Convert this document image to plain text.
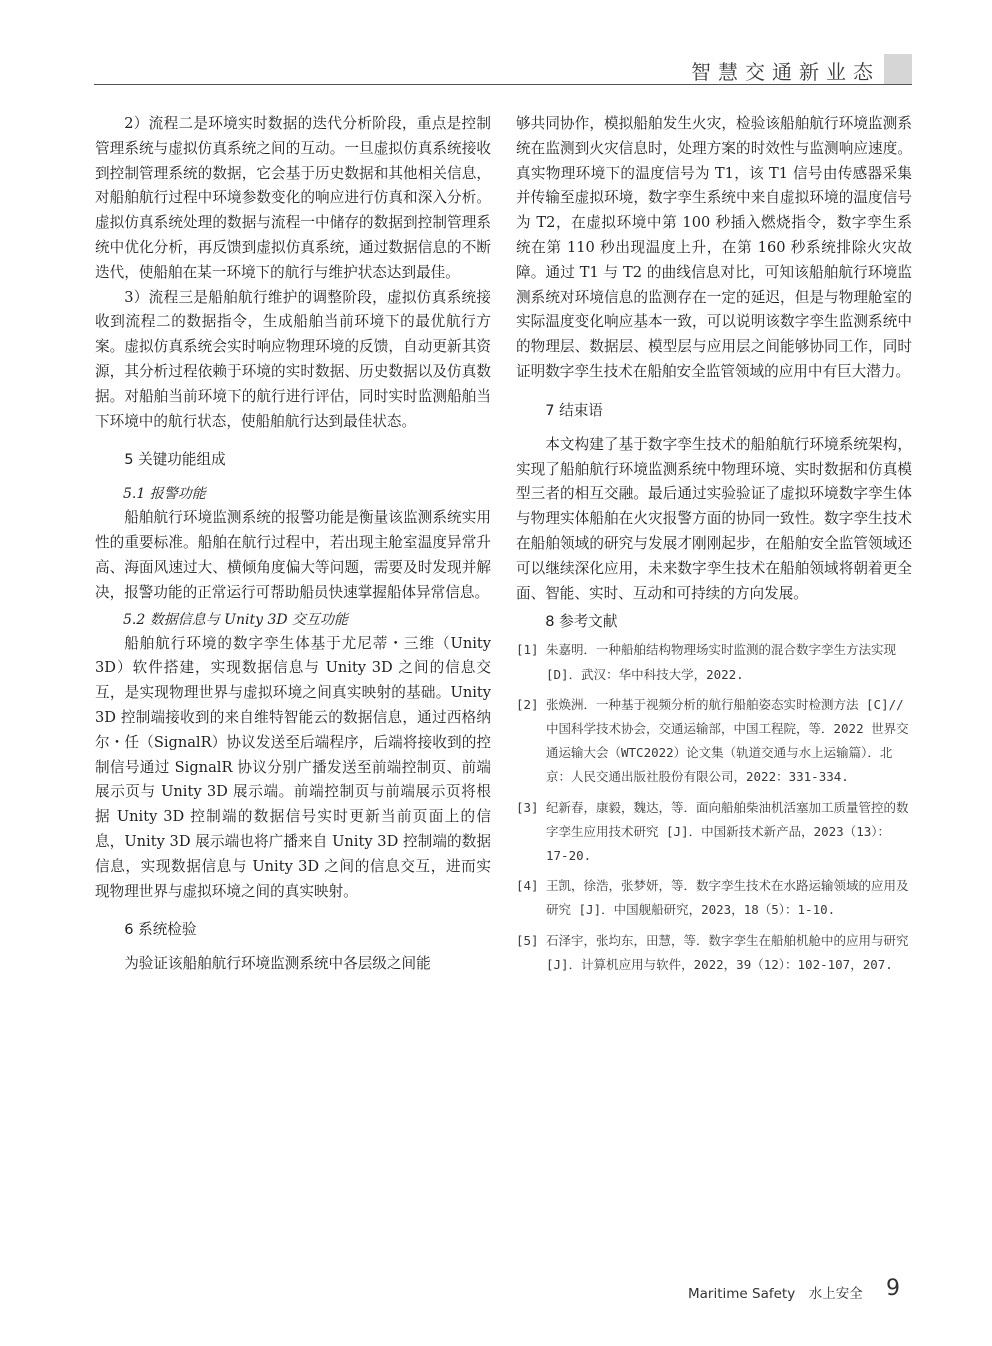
智慧交通新业态

2）流程二是环境实时数据的迭代分析阶段，重点是控制管理系统与虚拟仿真系统之间的互动。一旦虚拟仿真系统接收到控制管理系统的数据，它会基于历史数据和其他相关信息，对船舶航行过程中环境参数变化的响应进行仿真和深入分析。虚拟仿真系统处理的数据与流程一中储存的数据到控制管理系统中优化分析，再反馈到虚拟仿真系统，通过数据信息的不断迭代，使船舶在某一环境下的航行与维护状态达到最佳。

3）流程三是船舶航行维护的调整阶段，虚拟仿真系统接收到流程二的数据指令，生成船舶当前环境下的最优航行方案。虚拟仿真系统会实时响应物理环境的反馈，自动更新其资源，其分析过程依赖于环境的实时数据、历史数据以及仿真数据。对船舶当前环境下的航行进行评估，同时实时监测船舶当下环境中的航行状态，使船舶航行达到最佳状态。

5 关键功能组成
5.1 报警功能

船舶航行环境监测系统的报警功能是衡量该监测系统实用性的重要标准。船舶在航行过程中，若出现主舱室温度异常升高、海面风速过大、横倾角度偏大等问题，需要及时发现并解决，报警功能的正常运行可帮助船员快速掌握船体异常信息。

5.2 数据信息与 Unity 3D 交互功能

船舶航行环境的数字孪生体基于尤尼蒂・三维（Unity 3D）软件搭建，实现数据信息与 Unity 3D 之间的信息交互，是实现物理世界与虚拟环境之间真实映射的基础。Unity 3D 控制端接收到的来自维特智能云的数据信息，通过西格纳尔・任（SignalR）协议发送至后端程序，后端将接收到的控制信号通过 SignalR 协议分别广播发送至前端控制页、前端展示页与 Unity 3D 展示端。前端控制页与前端展示页将根据 Unity 3D 控制端的数据信号实时更新当前页面上的信息，Unity 3D 展示端也将广播来自 Unity 3D 控制端的数据信息，实现数据信息与 Unity 3D 之间的信息交互，进而实现物理世界与虚拟环境之间的真实映射。

6 系统检验

为验证该船舶航行环境监测系统中各层级之间能

够共同协作，模拟船舶发生火灾，检验该船舶航行环境监测系统在监测到火灾信息时，处理方案的时效性与监测响应速度。真实物理环境下的温度信号为 T1，该 T1 信号由传感器采集并传输至虚拟环境，数字孪生系统中来自虚拟环境的温度信号为 T2，在虚拟环境中第 100 秒插入燃烧指令，数字孪生系统在第 110 秒出现温度上升，在第 160 秒系统排除火灾故障。通过 T1 与 T2 的曲线信息对比，可知该船舶航行环境监测系统对环境信息的监测存在一定的延迟，但是与物理舱室的实际温度变化响应基本一致，可以说明该数字孪生监测系统中的物理层、数据层、模型层与应用层之间能够协同工作，同时证明数字孪生技术在船舶安全监管领域的应用中有巨大潜力。

7 结束语

本文构建了基于数字孪生技术的船舶航行环境系统架构，实现了船舶航行环境监测系统中物理环境、实时数据和仿真模型三者的相互交融。最后通过实验验证了虚拟环境数字孪生体与物理实体船舶在火灾报警方面的协同一致性。数字孪生技术在船舶领域的研究与发展才刚刚起步，在船舶安全监管领域还可以继续深化应用，未来数字孪生技术在船舶领域将朝着更全面、智能、实时、互动和可持续的方向发展。

8 参考文献
[1] 朱嘉明．一种船舶结构物理场实时监测的混合数字孪生方法实现 [D]．武汉：华中科技大学，2022.
[2] 张焕洲．一种基于视频分析的航行船舶姿态实时检测方法 [C]// 中国科学技术协会，交通运输部，中国工程院，等．2022 世界交通运输大会（WTC2022）论文集（轨道交通与水上运输篇）．北京：人民交通出版社股份有限公司，2022：331-334.
[3] 纪新春，康毅，魏达，等．面向船舶柴油机活塞加工质量管控的数字孪生应用技术研究 [J]．中国新技术新产品，2023（13）：17-20.
[4] 王凯，徐浩，张梦妍，等．数字孪生技术在水路运输领域的应用及研究 [J]．中国舰船研究，2023，18（5）：1-10.
[5] 石泽宇，张均东，田慧，等．数字孪生在船舶机舱中的应用与研究 [J]．计算机应用与软件，2022，39（12）：102-107，207.
Maritime Safety　水上安全 9
